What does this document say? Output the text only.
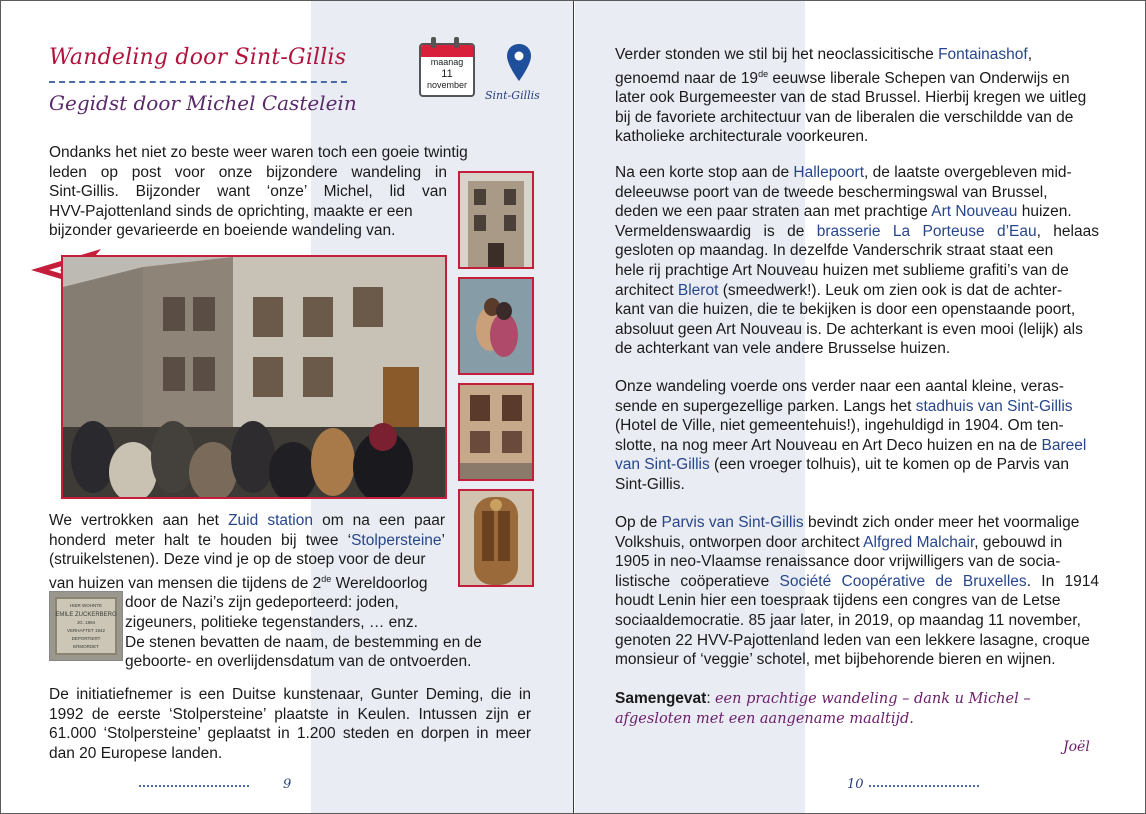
Wandeling door Sint-Gillis
Gegidst door Michel Castelein
maanag
11
november
Sint-Gillis
Ondanks het niet zo beste weer waren toch een goeie twintig
leden op post voor onze bijzondere wandeling in
Sint-Gillis. Bijzonder want ‘onze’ Michel, lid van
HVV-Pajottenland sinds de oprichting, maakte er een
bijzonder gevarieerde en boeiende wandeling van.
We vertrokken aan het Zuid station om na een paar
honderd meter halt te houden bij twee ‘Stolpersteine’
(struikelstenen). Deze vind je op de stoep voor de deur
van huizen van mensen die tijdens de 2de Wereldoorlog
door de Nazi’s zijn gedeporteerd: joden,
zigeuners, politieke tegenstanders, … enz.
De stenen bevatten de naam, de bestemming en de
geboorte- en overlijdensdatum van de ontvoerden.
HIER WOHNTE
EMILE ZUCKERBERG
JG. 1894
VERHAFTET 1942
DEPORTIERT
ERMORDET
De initiatiefnemer is een Duitse kunstenaar, Gunter Deming, die in
1992 de eerste ‘Stolpersteine’ plaatste in Keulen. Intussen zijn er
61.000 ‘Stolpersteine’ geplaatst in 1.200 steden en dorpen in meer
dan 20 Europese landen.
9
Verder stonden we stil bij het neoclassicitische Fontainashof,
genoemd naar de 19de eeuwse liberale Schepen van Onderwijs en
later ook Burgemeester van de stad Brussel. Hierbij kregen we uitleg
bij de favoriete architectuur van de liberalen die verschildde van de
katholieke architecturale voorkeuren.
Na een korte stop aan de Hallepoort, de laatste overgebleven mid-
deleeuwse poort van de tweede beschermingswal van Brussel,
deden we een paar straten aan met prachtige Art Nouveau huizen.
Vermeldenswaardig is de brasserie La Porteuse d’Eau, helaas
gesloten op maandag. In dezelfde Vanderschrik straat staat een
hele rij prachtige Art Nouveau huizen met sublieme grafiti’s van de
architect Blerot (smeedwerk!). Leuk om zien ook is dat de achter-
kant van die huizen, die te bekijken is door een openstaande poort,
absoluut geen Art Nouveau is. De achterkant is even mooi (lelijk) als
de achterkant van vele andere Brusselse huizen.
Onze wandeling voerde ons verder naar een aantal kleine, veras-
sende en supergezellige parken. Langs het stadhuis van Sint-Gillis
(Hotel de Ville, niet gemeentehuis!), ingehuldigd in 1904. Om ten-
slotte, na nog meer Art Nouveau en Art Deco huizen en na de Bareel
van Sint-Gillis (een vroeger tolhuis), uit te komen op de Parvis van
Sint-Gillis.
Op de Parvis van Sint-Gillis bevindt zich onder meer het voormalige
Volkshuis, ontworpen door architect Alfgred Malchair, gebouwd in
1905 in neo-Vlaamse renaissance door vrijwilligers van de socia-
listische coöperatieve Société Coopérative de Bruxelles. In 1914
houdt Lenin hier een toespraak tijdens een congres van de Letse
sociaaldemocratie. 85 jaar later, in 2019, op maandag 11 november,
genoten 22 HVV-Pajottenland leden van een lekkere lasagne, croque
monsieur of ‘veggie’ schotel, met bijbehorende bieren en wijnen.
Samengevat: een prachtige wandeling – dank u Michel –
afgesloten met een aangename maaltijd.
Joël
10
